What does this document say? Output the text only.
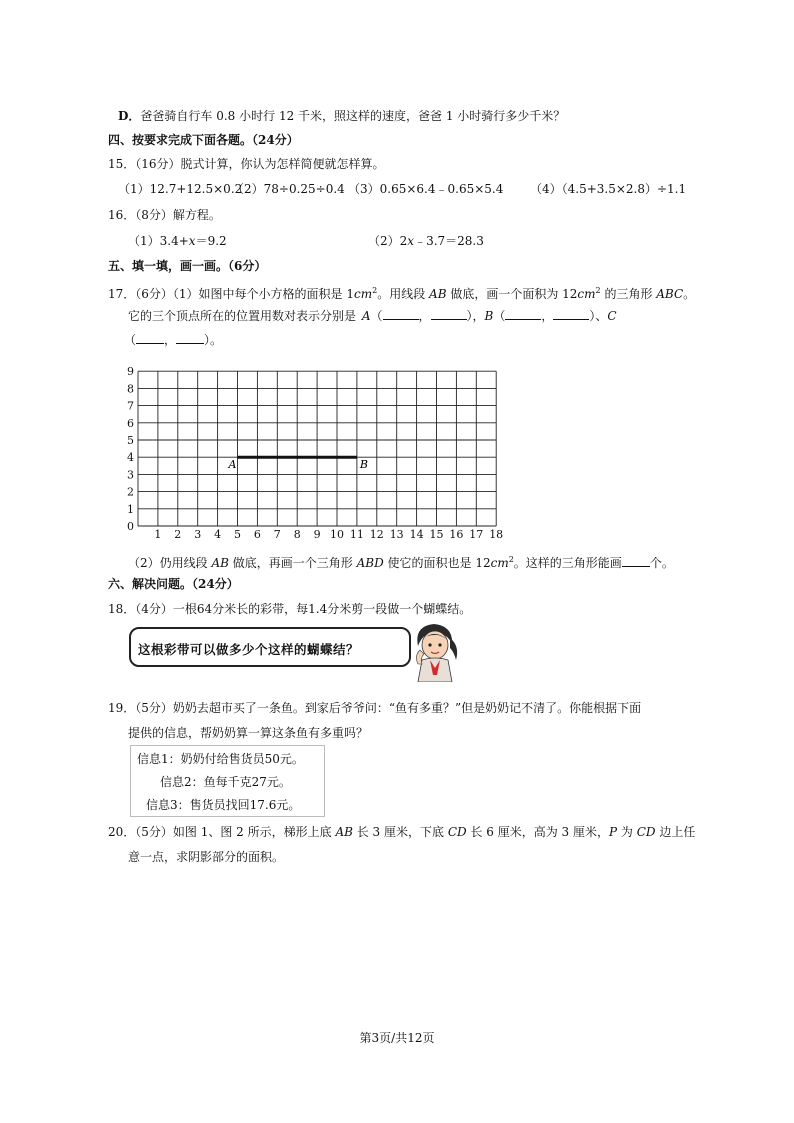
D．爸爸骑自行车 0.8 小时行 12 千米，照这样的速度，爸爸 1 小时骑行多少千米？
四、按要求完成下面各题。（24分）
15．（16分）脱式计算，你认为怎样简便就怎样算。
（1）12.7+12.5×0.2
（2）78÷0.25÷0.4 （3）0.65×6.4﹣0.65×5.4 （4）（4.5+3.5×2.8）÷1.1
16．（8分）解方程。
（1）3.4+x＝9.2	（2）2x﹣3.7＝28.3
五、填一填，画一画。（6分）
17．（6分）（1）如图中每个小方格的面积是 $1cm^2$。用线段 AB 做底，画一个面积为 $12cm^2$ 的三角形 ABC。
它的三个顶点所在的位置用数对表示分别是 A（	，	），B（	，	）、C
（ ， ）。
1 2 3 4 5 6 7 8 9 10 11 12 13 14 15 16 17 18
0
1
2
3
4
5
6
7
8
9
A	B
（2）仍用线段 AB 做底，再画一个三角形 ABD 使它的面积也是 $12cm^2$。这样的三角形能画 个。
六、解决问题。（24分）
18．（4分）一根64分米长的彩带，每1.4分米剪一段做一个蝴蝶结。
这根彩带可以做多少个这样的蝴蝶结？
19．（5分）奶奶去超市买了一条鱼。到家后爷爷问：“鱼有多重？”但是奶奶记不清了。你能根据下面
提供的信息，帮奶奶算一算这条鱼有多重吗？
信息1：奶奶付给售货员50元。
信息2：鱼每千克27元。
信息3：售货员找回17.6元。
20．（5分）如图 1、图 2 所示，梯形上底 AB 长 3 厘米，下底 CD 长 6 厘米，高为 3 厘米，P 为 CD 边上任
意一点，求阴影部分的面积。
第3页/共12页
